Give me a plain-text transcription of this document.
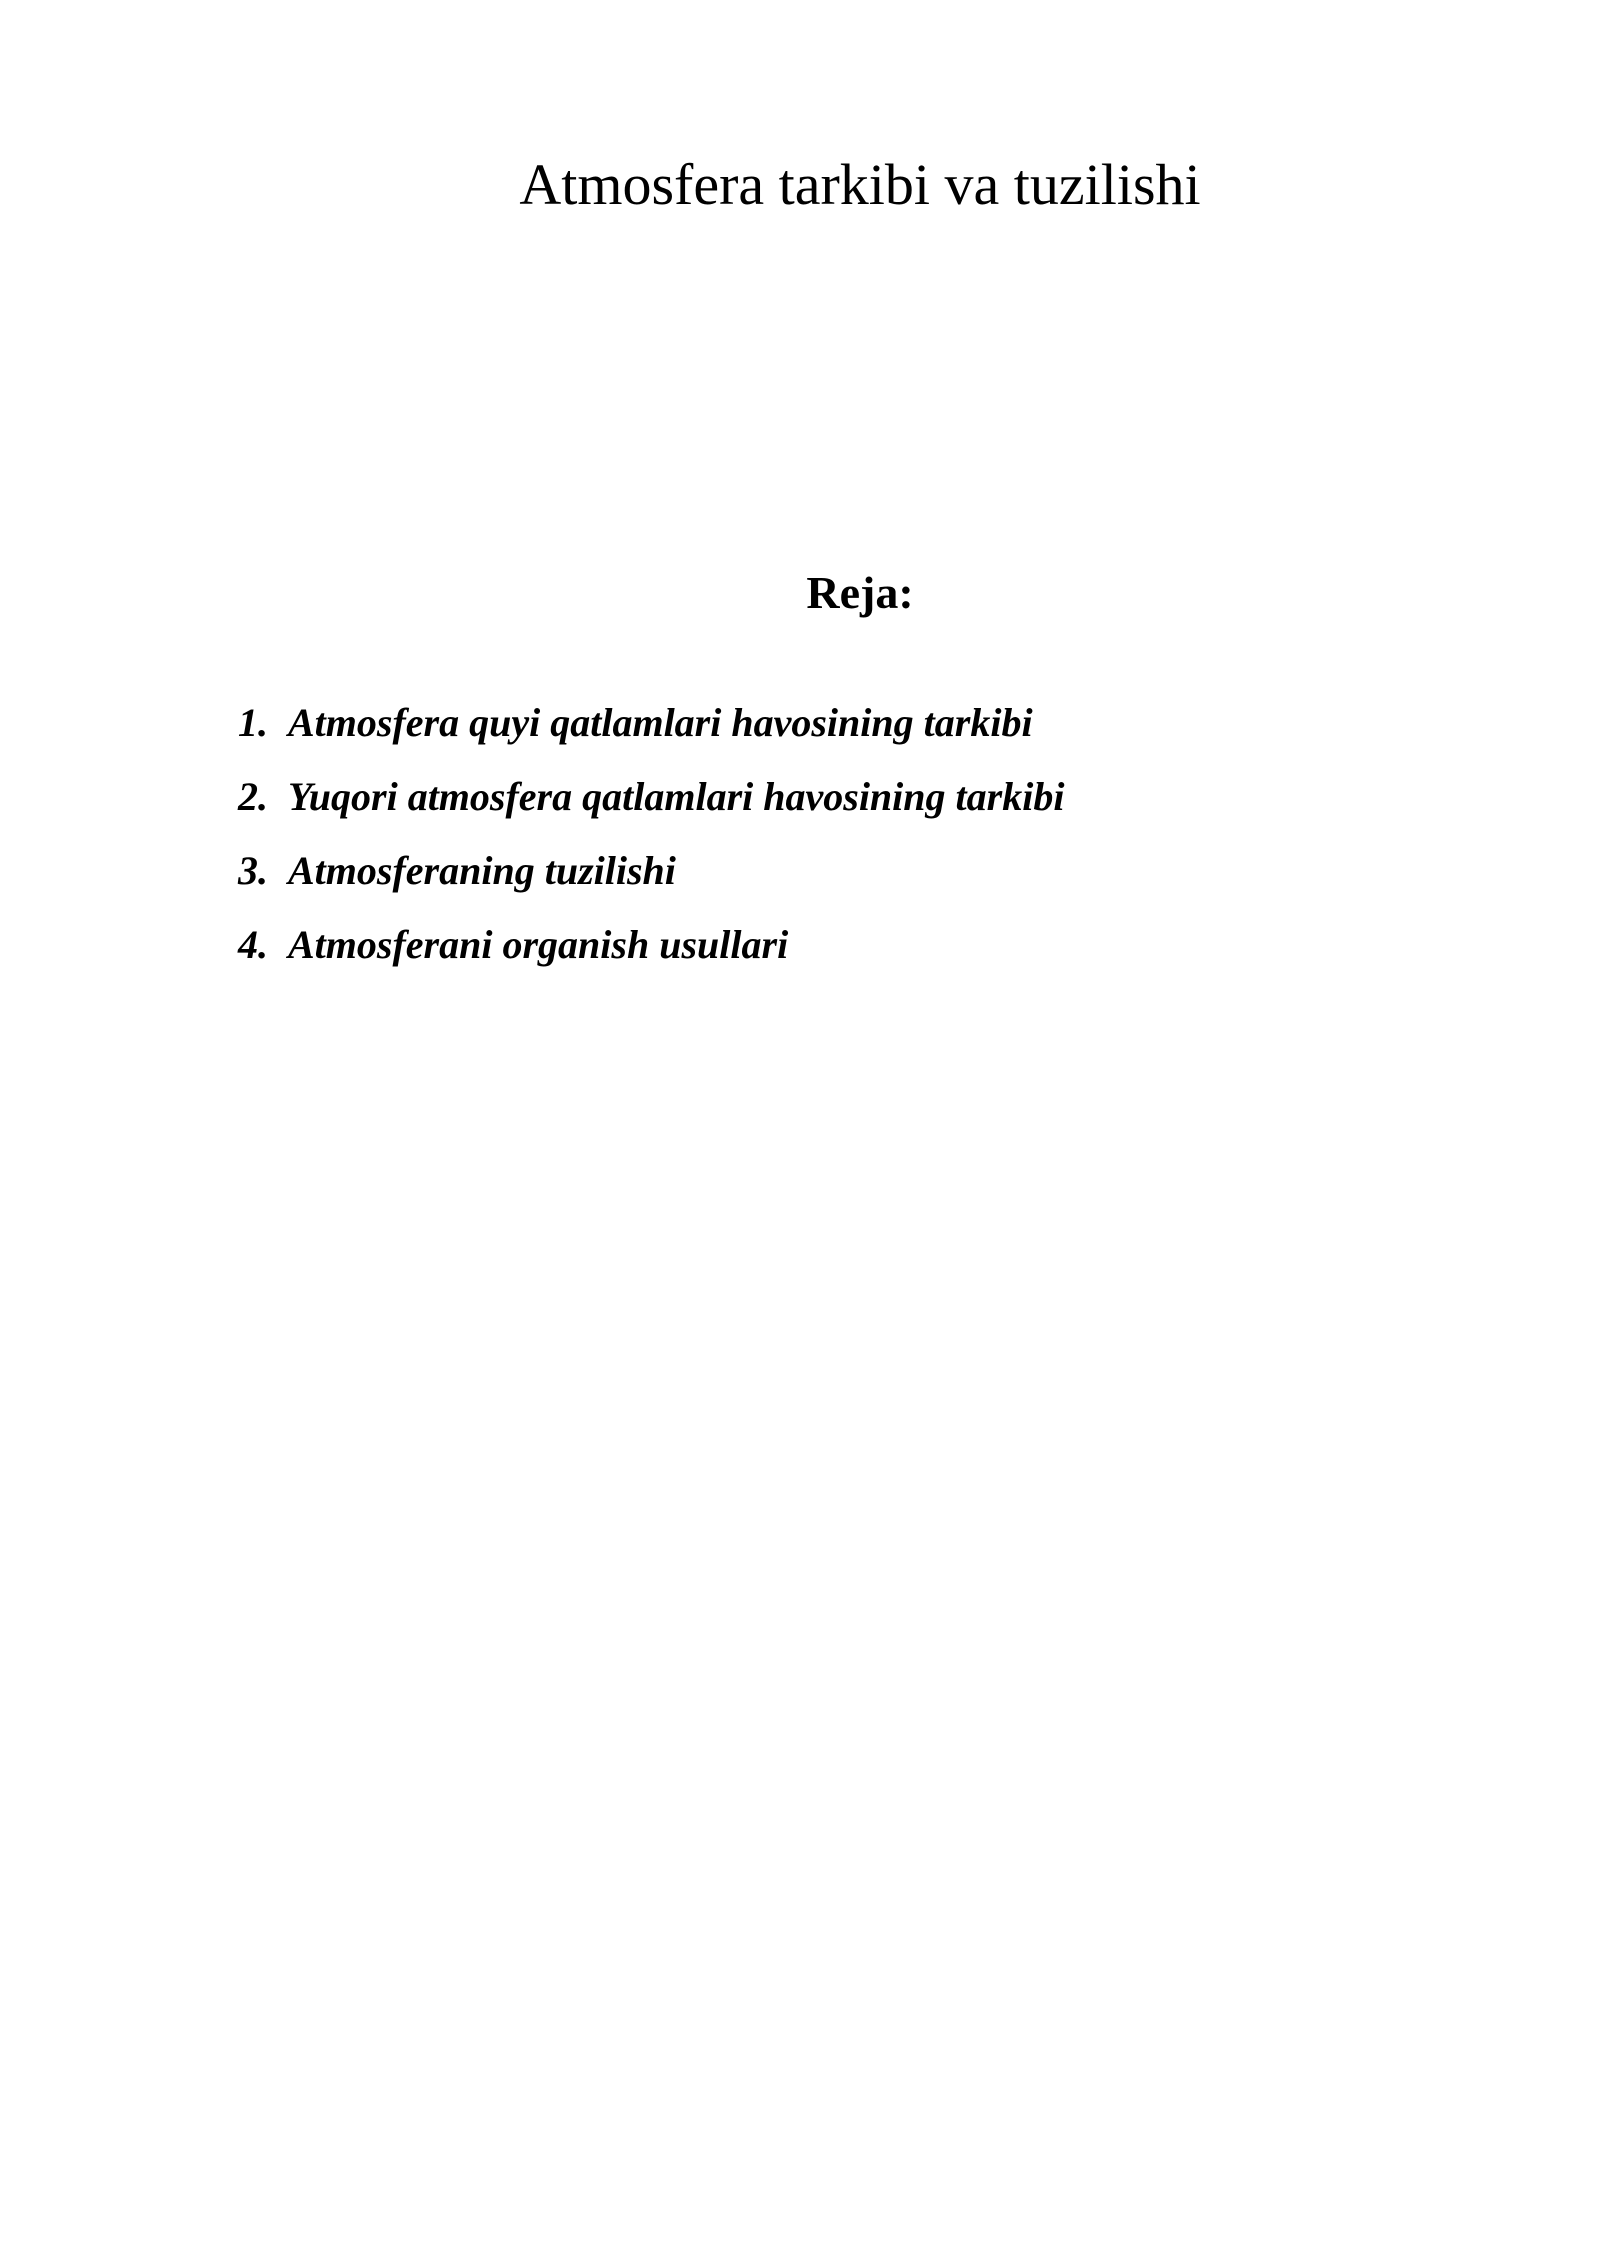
Atmosfera tarkibi va tuzilishi
Reja:
1. Atmosfera quyi qatlamlari havosining tarkibi
2. Yuqori atmosfera qatlamlari havosining tarkibi
3. Atmosferaning tuzilishi
4. Atmosferani organish usullari
